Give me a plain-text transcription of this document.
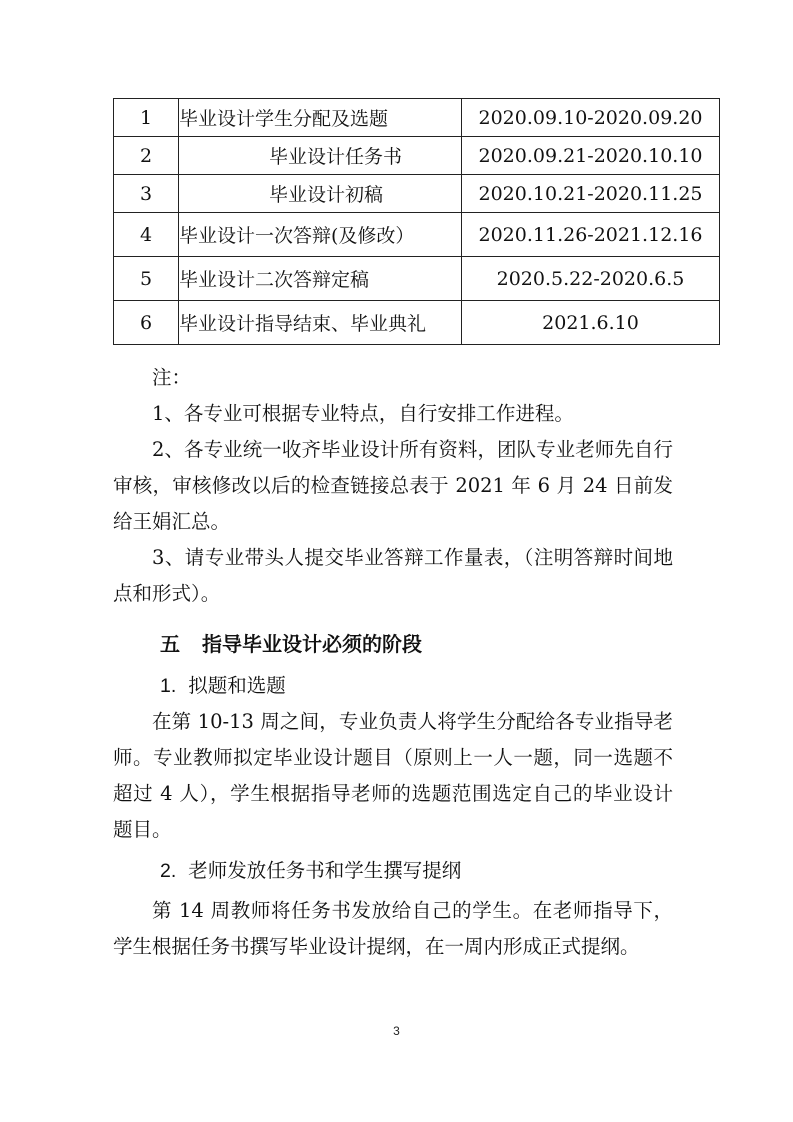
1	毕业设计学生分配及选题	2020.09.10-2020.09.20
2	毕业设计任务书	2020.09.21-2020.10.10
3	毕业设计初稿	2020.10.21-2020.11.25
4	毕业设计一次答辩(及修改）	2020.11.26-2021.12.16
5	毕业设计二次答辩定稿	2020.5.22-2020.6.5
6	毕业设计指导结束、毕业典礼	2021.6.10

注：

1、各专业可根据专业特点，自行安排工作进程。

2、各专业统一收齐毕业设计所有资料，团队专业老师先自行审核，审核修改以后的检查链接总表于 2021 年 6 月 24 日前发给王娟汇总。

3、请专业带头人提交毕业答辩工作量表，（注明答辩时间地点和形式）。

五 指导毕业设计必须的阶段
1. 拟题和选题

在第 10-13 周之间，专业负责人将学生分配给各专业指导老师。专业教师拟定毕业设计题目（原则上一人一题，同一选题不超过 4 人），学生根据指导老师的选题范围选定自己的毕业设计题目。

2. 老师发放任务书和学生撰写提纲

第 14 周教师将任务书发放给自己的学生。在老师指导下，学生根据任务书撰写毕业设计提纲，在一周内形成正式提纲。

3
